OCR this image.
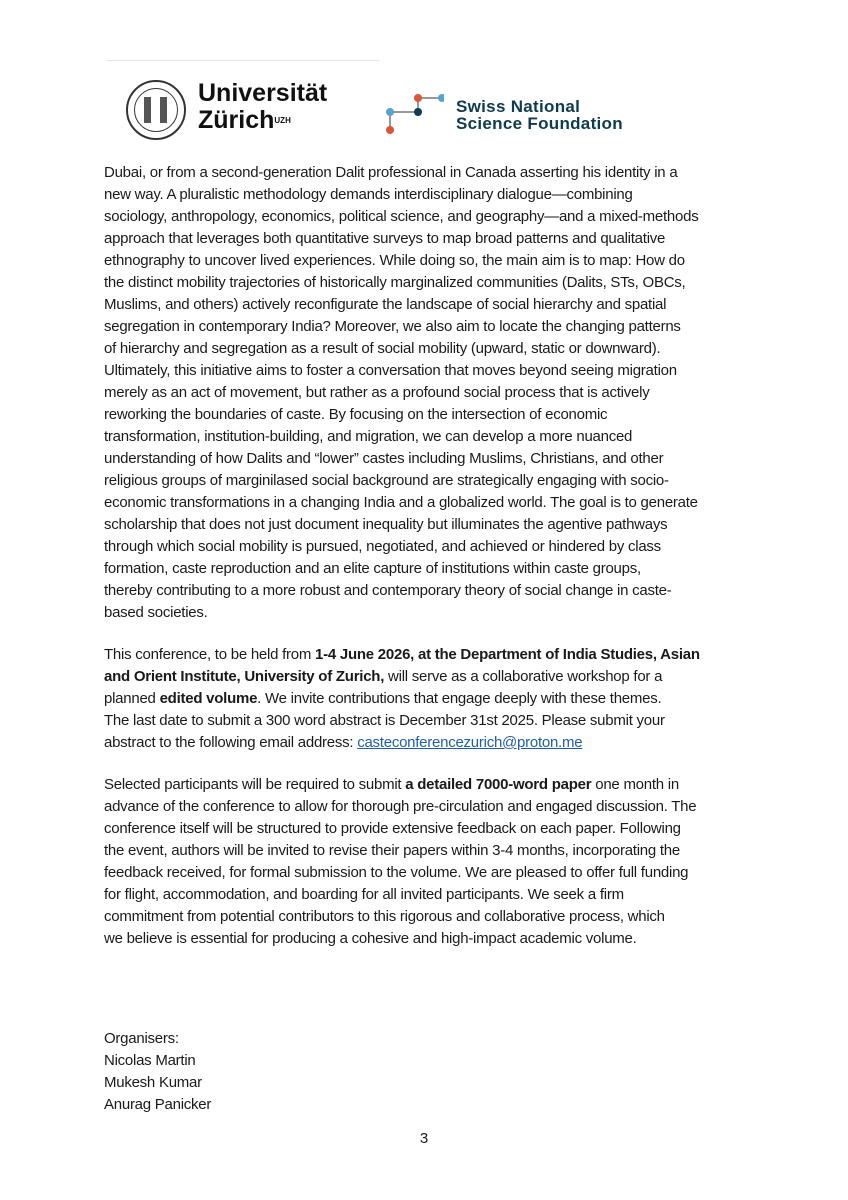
Universität
Zürich$^{UZH}$
Swiss National
Science Foundation
Dubai, or from a second-generation Dalit professional in Canada asserting his identity in a
new way. A pluralistic methodology demands interdisciplinary dialogue—combining
sociology, anthropology, economics, political science, and geography—and a mixed-methods
approach that leverages both quantitative surveys to map broad patterns and qualitative
ethnography to uncover lived experiences. While doing so, the main aim is to map: How do
the distinct mobility trajectories of historically marginalized communities (Dalits, STs, OBCs,
Muslims, and others) actively reconfigurate the landscape of social hierarchy and spatial
segregation in contemporary India? Moreover, we also aim to locate the changing patterns
of hierarchy and segregation as a result of social mobility (upward, static or downward).
Ultimately, this initiative aims to foster a conversation that moves beyond seeing migration
merely as an act of movement, but rather as a profound social process that is actively
reworking the boundaries of caste. By focusing on the intersection of economic
transformation, institution-building, and migration, we can develop a more nuanced
understanding of how Dalits and “lower” castes including Muslims, Christians, and other
religious groups of marginilased social background are strategically engaging with socio-
economic transformations in a changing India and a globalized world. The goal is to generate
scholarship that does not just document inequality but illuminates the agentive pathways
through which social mobility is pursued, negotiated, and achieved or hindered by class
formation, caste reproduction and an elite capture of institutions within caste groups,
thereby contributing to a more robust and contemporary theory of social change in caste-
based societies.
This conference, to be held from 1-4 June 2026, at the Department of India Studies, Asian
and Orient Institute, University of Zurich, will serve as a collaborative workshop for a
planned edited volume. We invite contributions that engage deeply with these themes.
The last date to submit a 300 word abstract is December 31st 2025. Please submit your
abstract to the following email address: casteconferencezurich@proton.me
Selected participants will be required to submit a detailed 7000-word paper one month in
advance of the conference to allow for thorough pre-circulation and engaged discussion. The
conference itself will be structured to provide extensive feedback on each paper. Following
the event, authors will be invited to revise their papers within 3-4 months, incorporating the
feedback received, for formal submission to the volume. We are pleased to offer full funding
for flight, accommodation, and boarding for all invited participants. We seek a firm
commitment from potential contributors to this rigorous and collaborative process, which
we believe is essential for producing a cohesive and high-impact academic volume.
Organisers:
Nicolas Martin
Mukesh Kumar
Anurag Panicker
3
